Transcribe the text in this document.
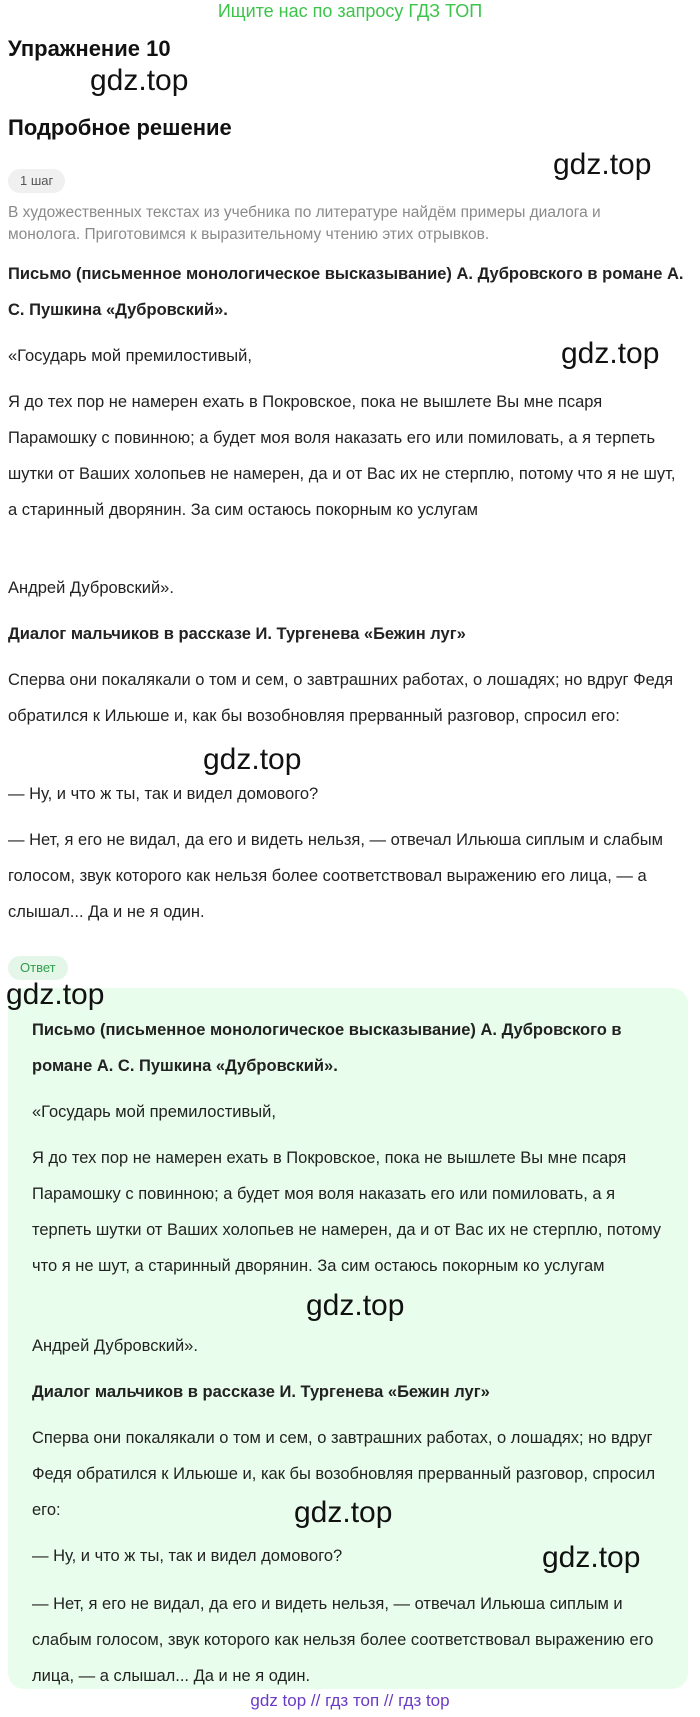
Ищите нас по запросу ГДЗ ТОП
Упражнение 10
Подробное решение
1 шаг
В художественных текстах из учебника по литературе найдём примеры диалога и монолога. Приготовимся к выразительному чтению этих отрывков.
Письмо (письменное монологическое высказывание) А. Дубровского в романе А. С. Пушкина «Дубровский».
«Государь мой премилостивый,
Я до тех пор не намерен ехать в Покровское, пока не вышлете Вы мне псаря Парамошку с повинною; а будет моя воля наказать его или помиловать, а я терпеть шутки от Ваших холопьев не намерен, да и от Вас их не стерплю, потому что я не шут, а старинный дворянин. За сим остаюсь покорным ко услугам
Андрей Дубровский».
Диалог мальчиков в рассказе И. Тургенева «Бежин луг»
Сперва они покалякали о том и сем, о завтрашних работах, о лошадях; но вдруг Федя обратился к Ильюше и, как бы возобновляя прерванный разговор, спросил его:
— Ну, и что ж ты, так и видел домового?
— Нет, я его не видал, да его и видеть нельзя, — отвечал Ильюша сиплым и слабым голосом, звук которого как нельзя более соответствовал выражению его лица, — а слышал... Да и не я один.
Ответ
Письмо (письменное монологическое высказывание) А. Дубровского в романе А. С. Пушкина «Дубровский».
«Государь мой премилостивый,
Я до тех пор не намерен ехать в Покровское, пока не вышлете Вы мне псаря Парамошку с повинною; а будет моя воля наказать его или помиловать, а я терпеть шутки от Ваших холопьев не намерен, да и от Вас их не стерплю, потому что я не шут, а старинный дворянин. За сим остаюсь покорным ко услугам
Андрей Дубровский».
Диалог мальчиков в рассказе И. Тургенева «Бежин луг»
Сперва они покалякали о том и сем, о завтрашних работах, о лошадях; но вдруг Федя обратился к Ильюше и, как бы возобновляя прерванный разговор, спросил его:
— Ну, и что ж ты, так и видел домового?
— Нет, я его не видал, да его и видеть нельзя, — отвечал Ильюша сиплым и слабым голосом, звук которого как нельзя более соответствовал выражению его лица, — а слышал... Да и не я один.
gdz.top
gdz.top
gdz.top
gdz.top
gdz.top
gdz.top
gdz.top
gdz.top
gdz top // гдз топ // гдз top
